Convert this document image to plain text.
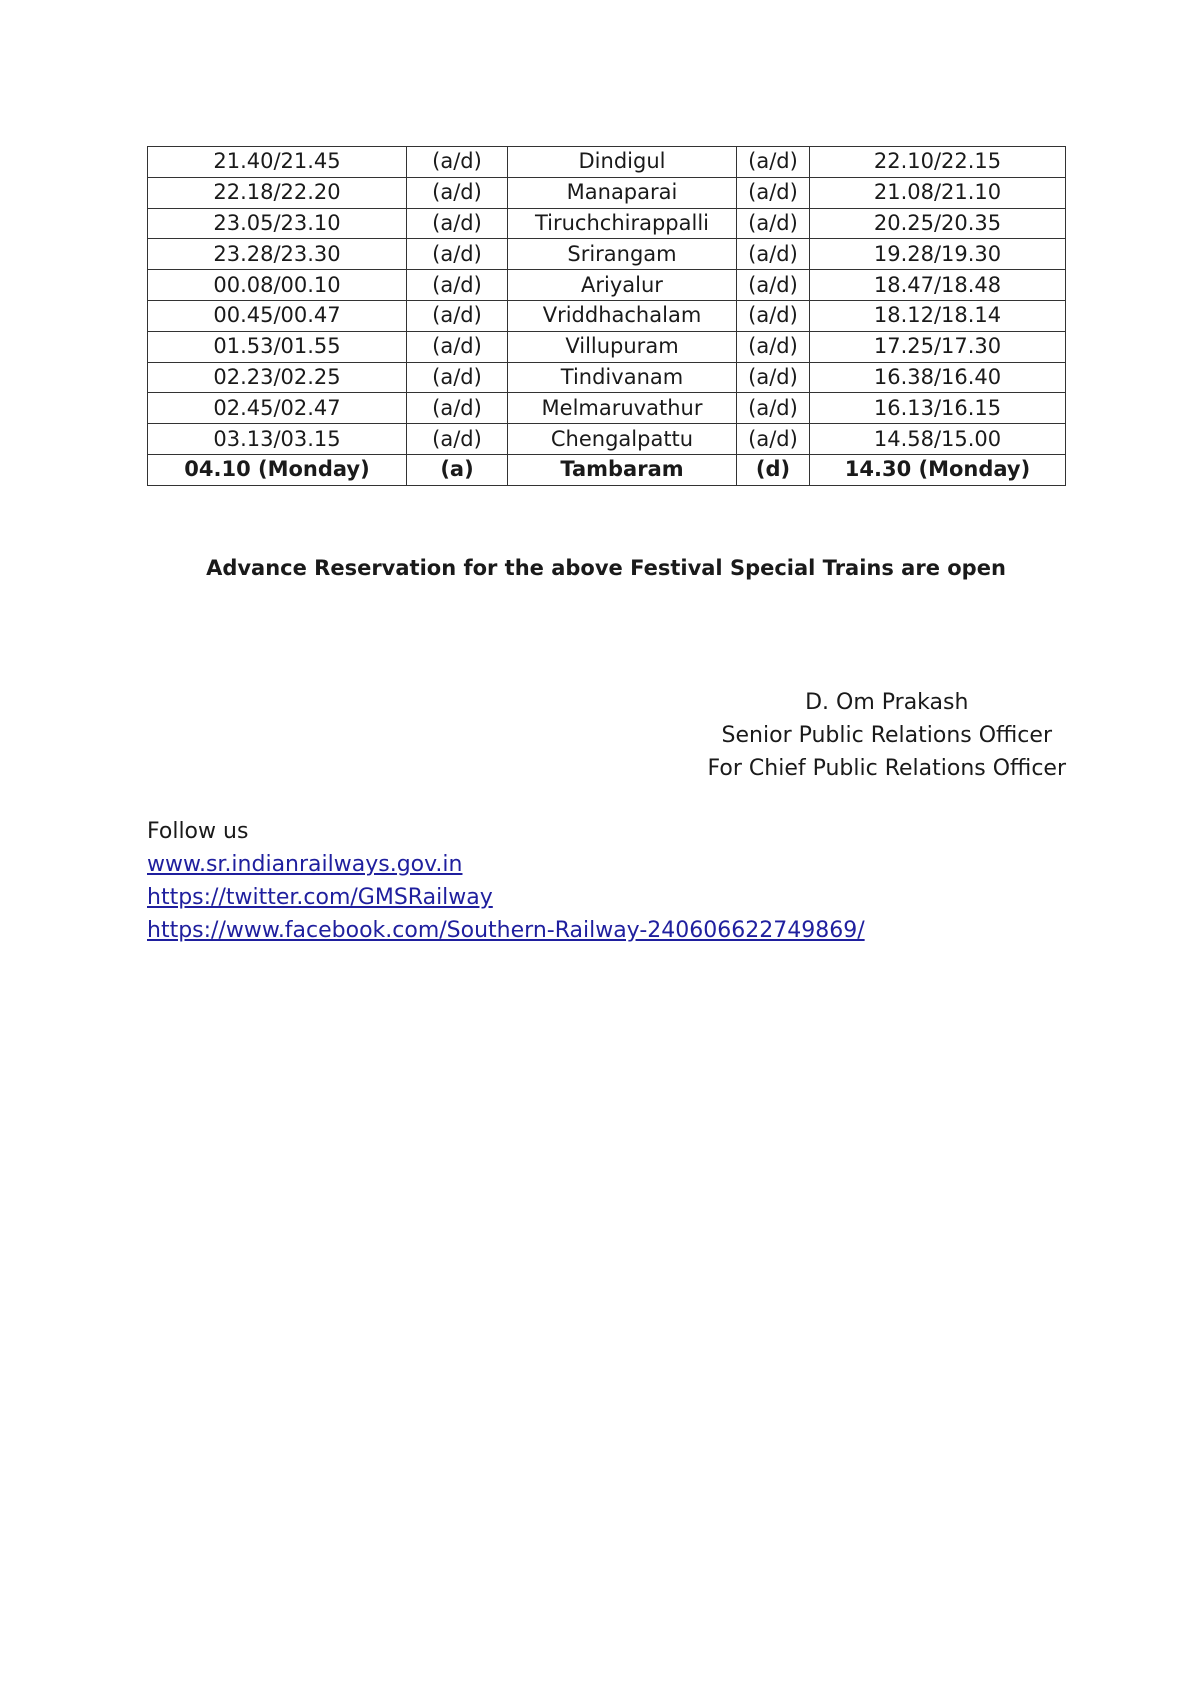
21.40/21.45	(a/d)	Dindigul	(a/d)	22.10/22.15
22.18/22.20	(a/d)	Manaparai	(a/d)	21.08/21.10
23.05/23.10	(a/d)	Tiruchchirappalli	(a/d)	20.25/20.35
23.28/23.30	(a/d)	Srirangam	(a/d)	19.28/19.30
00.08/00.10	(a/d)	Ariyalur	(a/d)	18.47/18.48
00.45/00.47	(a/d)	Vriddhachalam	(a/d)	18.12/18.14
01.53/01.55	(a/d)	Villupuram	(a/d)	17.25/17.30
02.23/02.25	(a/d)	Tindivanam	(a/d)	16.38/16.40
02.45/02.47	(a/d)	Melmaruvathur	(a/d)	16.13/16.15
03.13/03.15	(a/d)	Chengalpattu	(a/d)	14.58/15.00
04.10 (Monday)	(a)	Tambaram	(d)	14.30 (Monday)
Advance Reservation for the above Festival Special Trains are open
D. Om Prakash
Senior Public Relations Officer
For Chief Public Relations Officer
Follow us
www.sr.indianrailways.gov.in
https://twitter.com/GMSRailway
https://www.facebook.com/Southern-Railway-240606622749869/
